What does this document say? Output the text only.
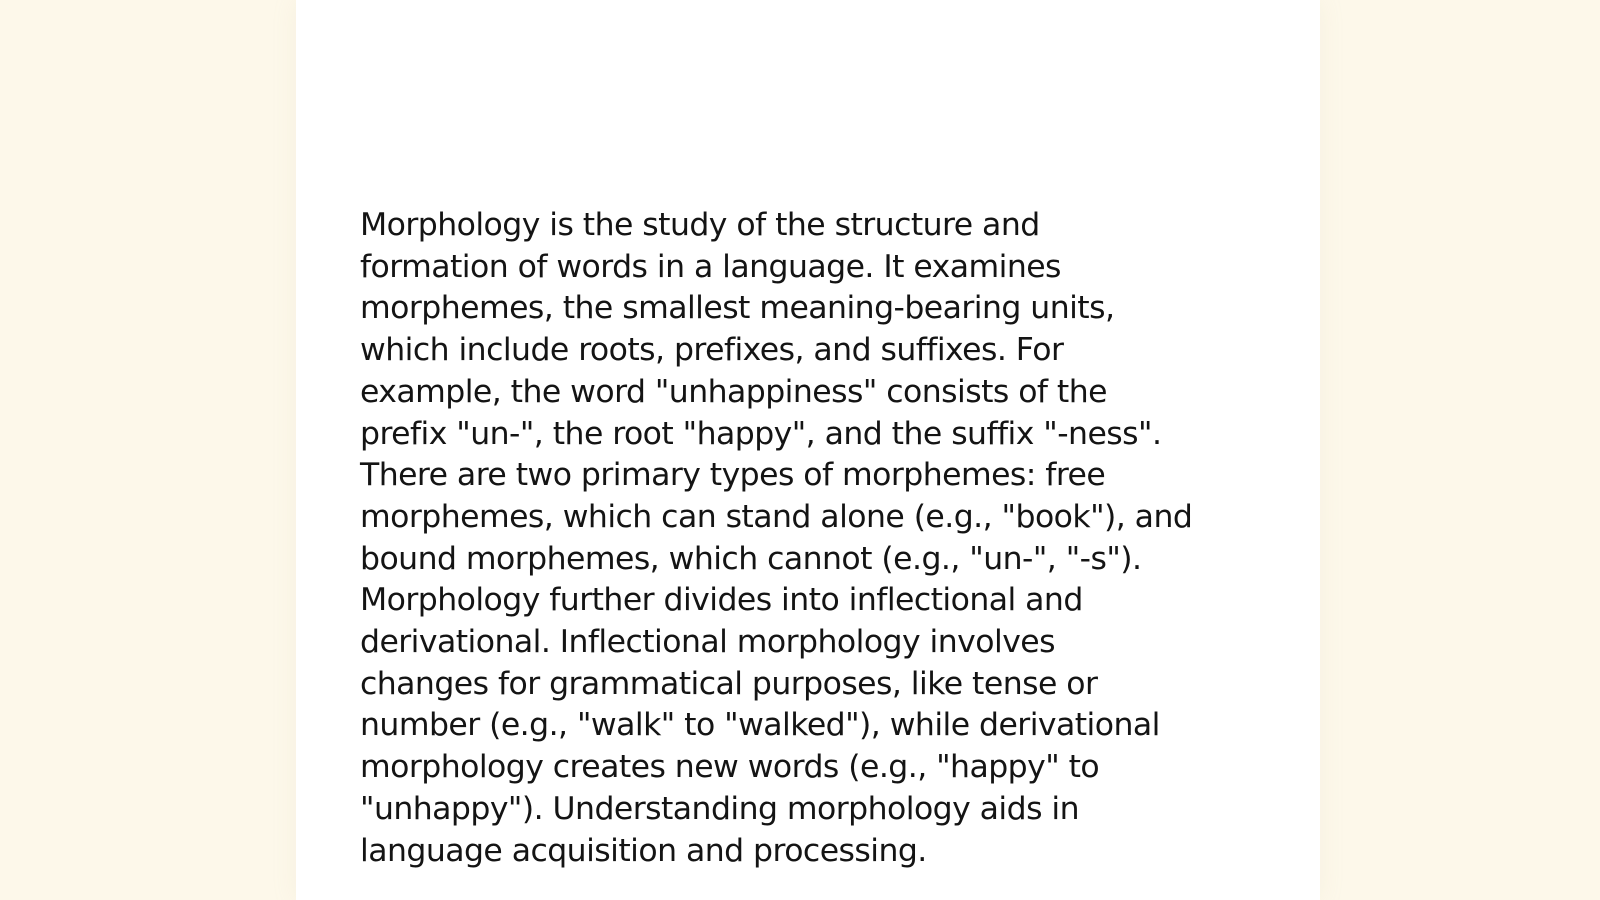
Morphology is the study of the structure and
formation of words in a language. It examines
morphemes, the smallest meaning-bearing units,
which include roots, prefixes, and suffixes. For
example, the word "unhappiness" consists of the
prefix "un-", the root "happy", and the suffix "-ness".
There are two primary types of morphemes: free
morphemes, which can stand alone (e.g., "book"), and
bound morphemes, which cannot (e.g., "un-", "-s").
Morphology further divides into inflectional and
derivational. Inflectional morphology involves
changes for grammatical purposes, like tense or
number (e.g., "walk" to "walked"), while derivational
morphology creates new words (e.g., "happy" to
"unhappy"). Understanding morphology aids in
language acquisition and processing.
